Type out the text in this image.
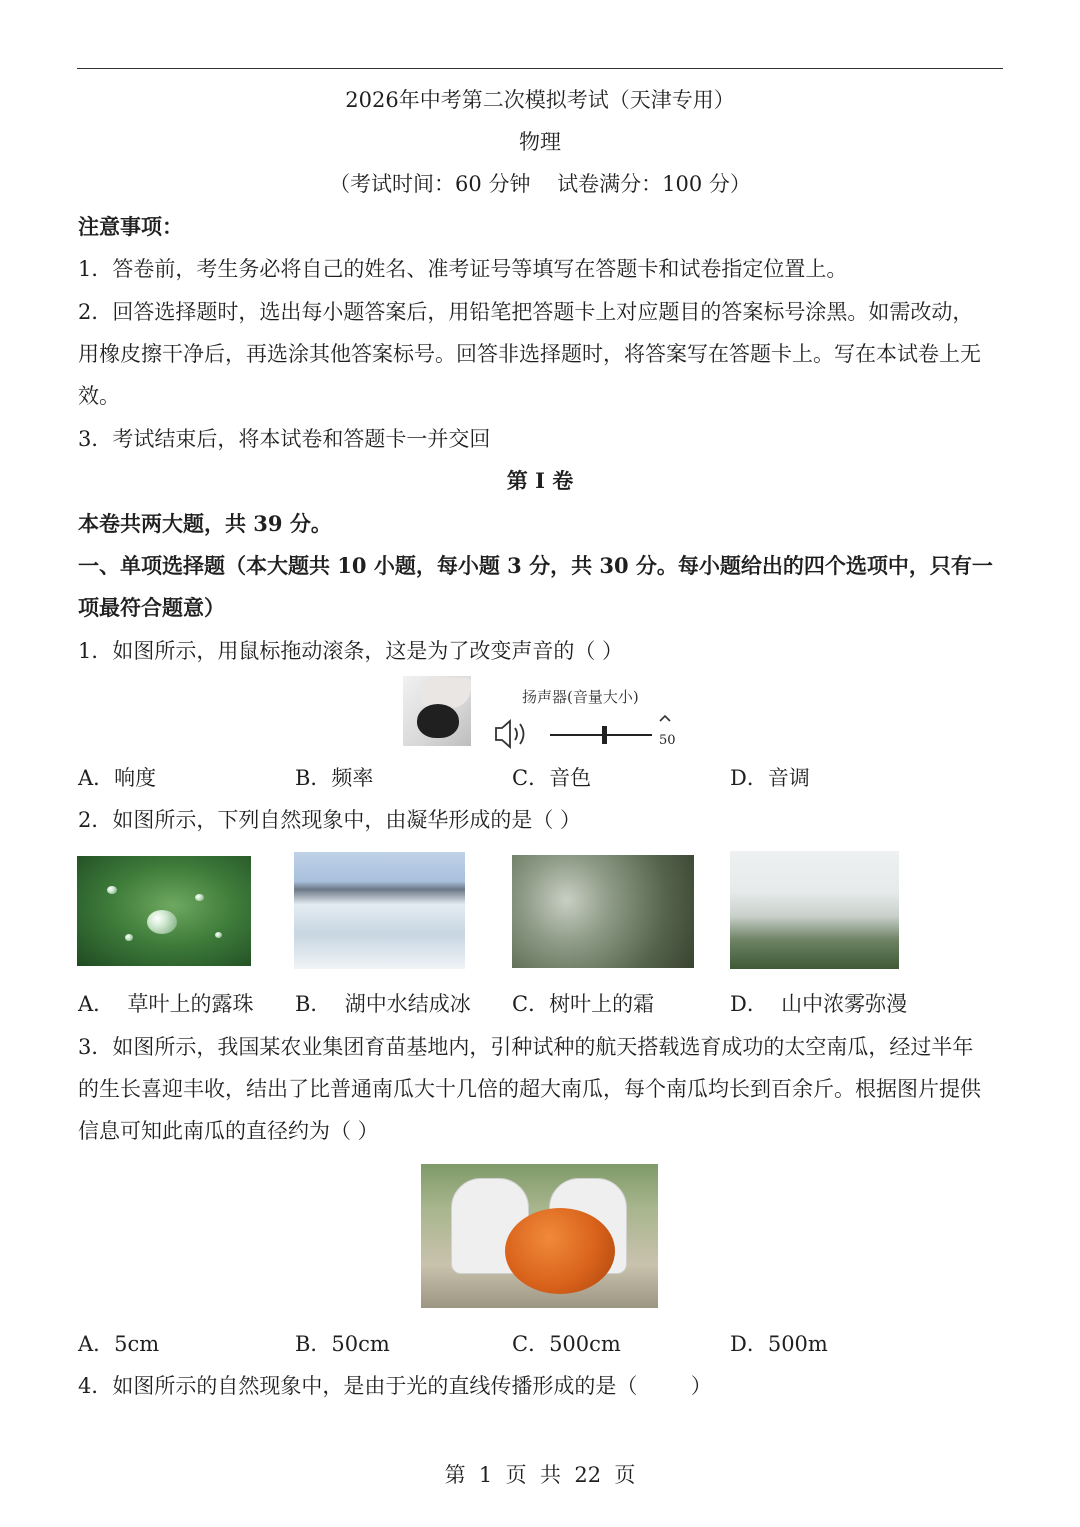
2026年中考第二次模拟考试（天津专用）
物理
（考试时间：60 分钟    试卷满分：100 分）
注意事项：
1．答卷前，考生务必将自己的姓名、准考证号等填写在答题卡和试卷指定位置上。
2．回答选择题时，选出每小题答案后，用铅笔把答题卡上对应题目的答案标号涂黑。如需改动，
用橡皮擦干净后，再选涂其他答案标号。回答非选择题时，将答案写在答题卡上。写在本试卷上无
效。
3．考试结束后，将本试卷和答题卡一并交回
第 I 卷
本卷共两大题，共 39 分。
一、单项选择题（本大题共 10 小题，每小题 3 分，共 30 分。每小题给出的四个选项中，只有一
项最符合题意）
1．如图所示，用鼠标拖动滚条，这是为了改变声音的（ ）
扬声器(音量大小)
50
A．响度	B．频率	C．音色	D．音调
2．如图所示，下列自然现象中，由凝华形成的是（ ）
A．  草叶上的露珠 B．  湖中水结成冰 C．树叶上的霜	D．  山中浓雾弥漫
3．如图所示，我国某农业集团育苗基地内，引种试种的航天搭载选育成功的太空南瓜，经过半年
的生长喜迎丰收，结出了比普通南瓜大十几倍的超大南瓜，每个南瓜均长到百余斤。根据图片提供
信息可知此南瓜的直径约为（ ）
A．5cm	B．50cm	C．500cm	D．500m
4．如图所示的自然现象中，是由于光的直线传播形成的是（        ）
第  1  页  共  22  页
